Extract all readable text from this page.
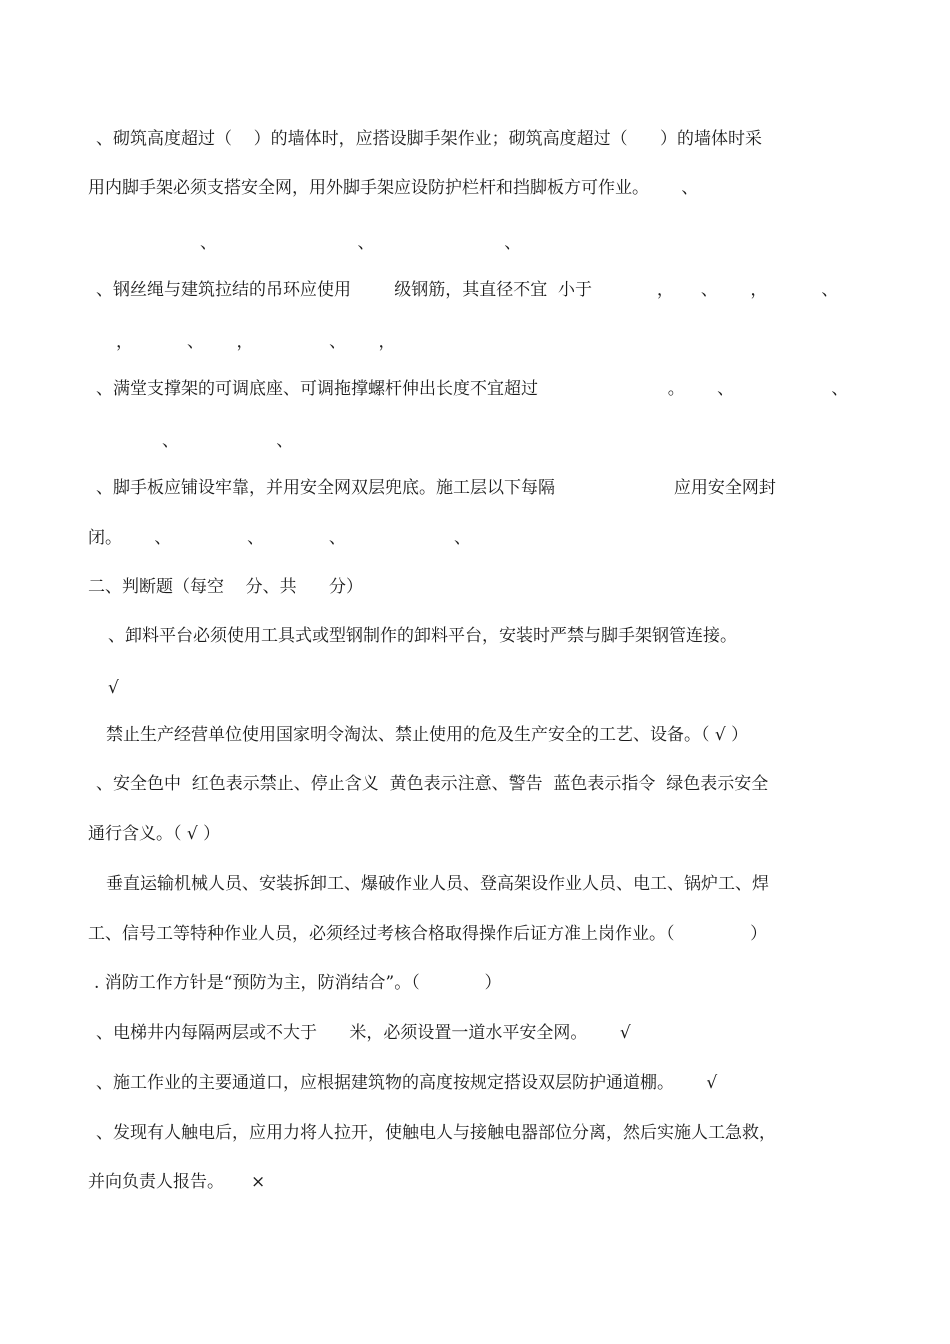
、砌筑高度超过（    ）的墙体时，应搭设脚手架作业；砌筑高度超过（      ）的墙体时采
用内脚手架必须支搭安全网，用外脚手架应设防护栏杆和挡脚板方可作业。      、
、                          、                        、
、钢丝绳与建筑拉结的吊环应使用        级钢筋，其直径不宜  小于            ，     、      ，          、
，          、      ，              、      ，
、满堂支撑架的可调底座、可调拖撑螺杆伸出长度不宜超过                        。      、                  、
、                  、
、脚手板应铺设牢靠，并用安全网双层兜底。施工层以下每隔                      应用安全网封
闭。      、              、            、                    、
二、判断题（每空    分、共      分）
、卸料平台必须使用工具式或型钢制作的卸料平台，安装时严禁与脚手架钢管连接。
√
禁止生产经营单位使用国家明令淘汰、禁止使用的危及生产安全的工艺、设备。（ √ ）
、安全色中  红色表示禁止、停止含义  黄色表示注意、警告  蓝色表示指令  绿色表示安全
通行含义。（ √ ）
垂直运输机械人员、安装拆卸工、爆破作业人员、登高架设作业人员、电工、锅炉工、焊
工、信号工等特种作业人员，必须经过考核合格取得操作后证方准上岗作业。（              ）
. 消防工作方针是“预防为主，防消结合”。（            ）
、电梯井内每隔两层或不大于      米，必须设置一道水平安全网。      √
、施工作业的主要通道口，应根据建筑物的高度按规定搭设双层防护通道棚。      √
、发现有人触电后，应用力将人拉开，使触电人与接触电器部位分离，然后实施人工急救，
并向负责人报告。     ×
